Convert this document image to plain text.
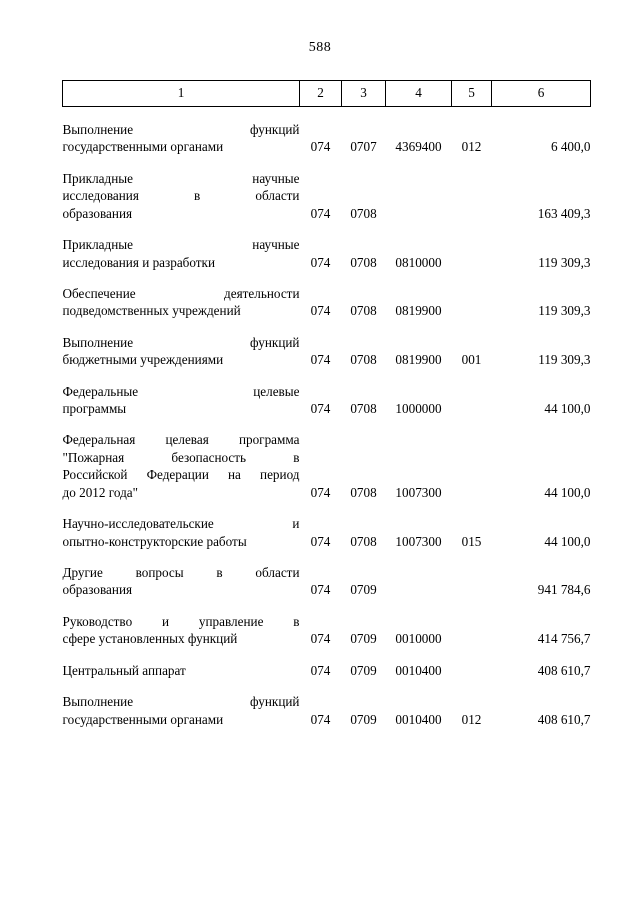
588
1	2	3	4	5	6

Выполнение функций
государственными органами	074	0707	4369400	012	6 400,0

Прикладные научные
исследования в области
образования	074	0708			163 409,3

Прикладные научные
исследования и разработки	074	0708	0810000		119 309,3

Обеспечение деятельности
подведомственных учреждений	074	0708	0819900		119 309,3

Выполнение функций
бюджетными учреждениями	074	0708	0819900	001	119 309,3

Федеральные целевые
программы	074	0708	1000000		44 100,0

Федеральная целевая программа
"Пожарная безопасность в
Российской Федерации на период
до 2012 года"	074	0708	1007300		44 100,0

Научно-исследовательские и
опытно-конструкторские работы	074	0708	1007300	015	44 100,0

Другие вопросы в области
образования	074	0709			941 784,6

Руководство и управление в
сфере установленных функций	074	0709	0010000		414 756,7

Центральный аппарат	074	0709	0010400		408 610,7

Выполнение функций
государственными органами	074	0709	0010400	012	408 610,7
